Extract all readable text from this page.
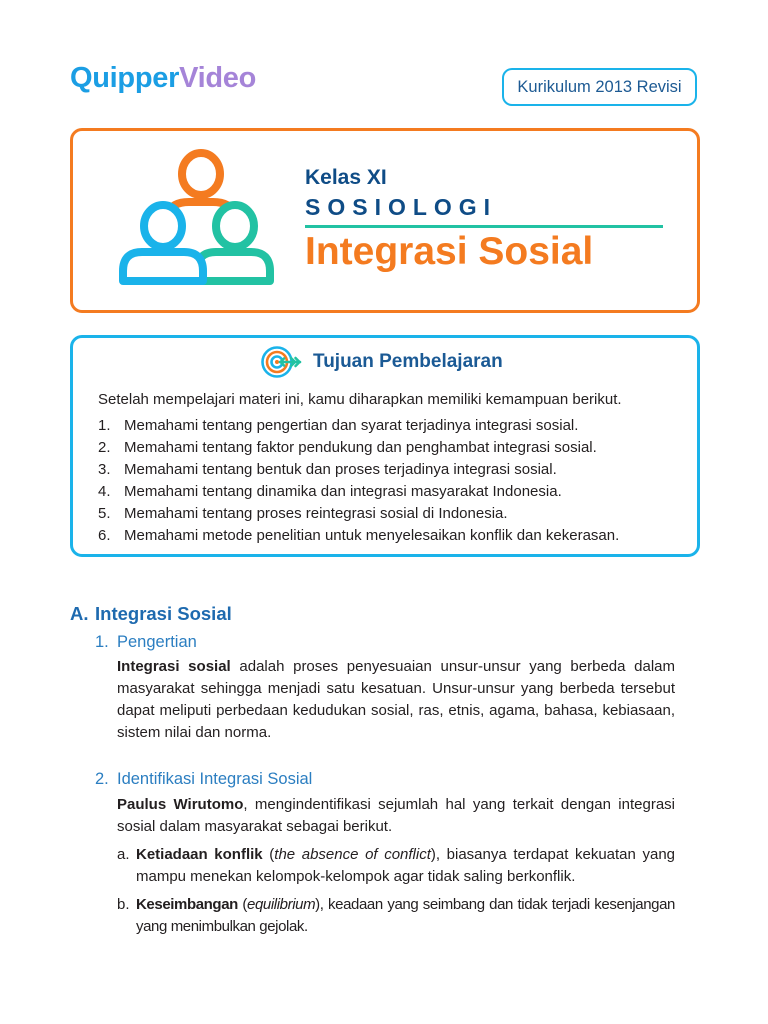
QuipperVideo	Kurikulum 2013 Revisi
Kelas XI
SOSIOLOGI
Integrasi Sosial
Tujuan Pembelajaran
Setelah mempelajari materi ini, kamu diharapkan memiliki kemampuan berikut.
1. Memahami tentang pengertian dan syarat terjadinya integrasi sosial.
2. Memahami tentang faktor pendukung dan penghambat integrasi sosial.
3. Memahami tentang bentuk dan proses terjadinya integrasi sosial.
4. Memahami tentang dinamika dan integrasi masyarakat Indonesia.
5. Memahami tentang proses reintegrasi sosial di Indonesia.
6. Memahami metode penelitian untuk menyelesaikan konflik dan kekerasan.
A. Integrasi Sosial
1. Pengertian

Integrasi sosial adalah proses penyesuaian unsur-unsur yang berbeda dalam masyarakat sehingga menjadi satu kesatuan. Unsur-unsur yang berbeda tersebut dapat meliputi perbedaan kedudukan sosial, ras, etnis, agama, bahasa, kebiasaan, sistem nilai dan norma.

2. Identifikasi Integrasi Sosial

Paulus Wirutomo, mengindentifikasi sejumlah hal yang terkait dengan integrasi sosial dalam masyarakat sebagai berikut.

a. Ketiadaan konflik (the absence of conflict), biasanya terdapat kekuatan yang mampu menekan kelompok-kelompok agar tidak saling berkonflik.
b. Keseimbangan (equilibrium), keadaan yang seimbang dan tidak terjadi kesenjangan yang menimbulkan gejolak.
